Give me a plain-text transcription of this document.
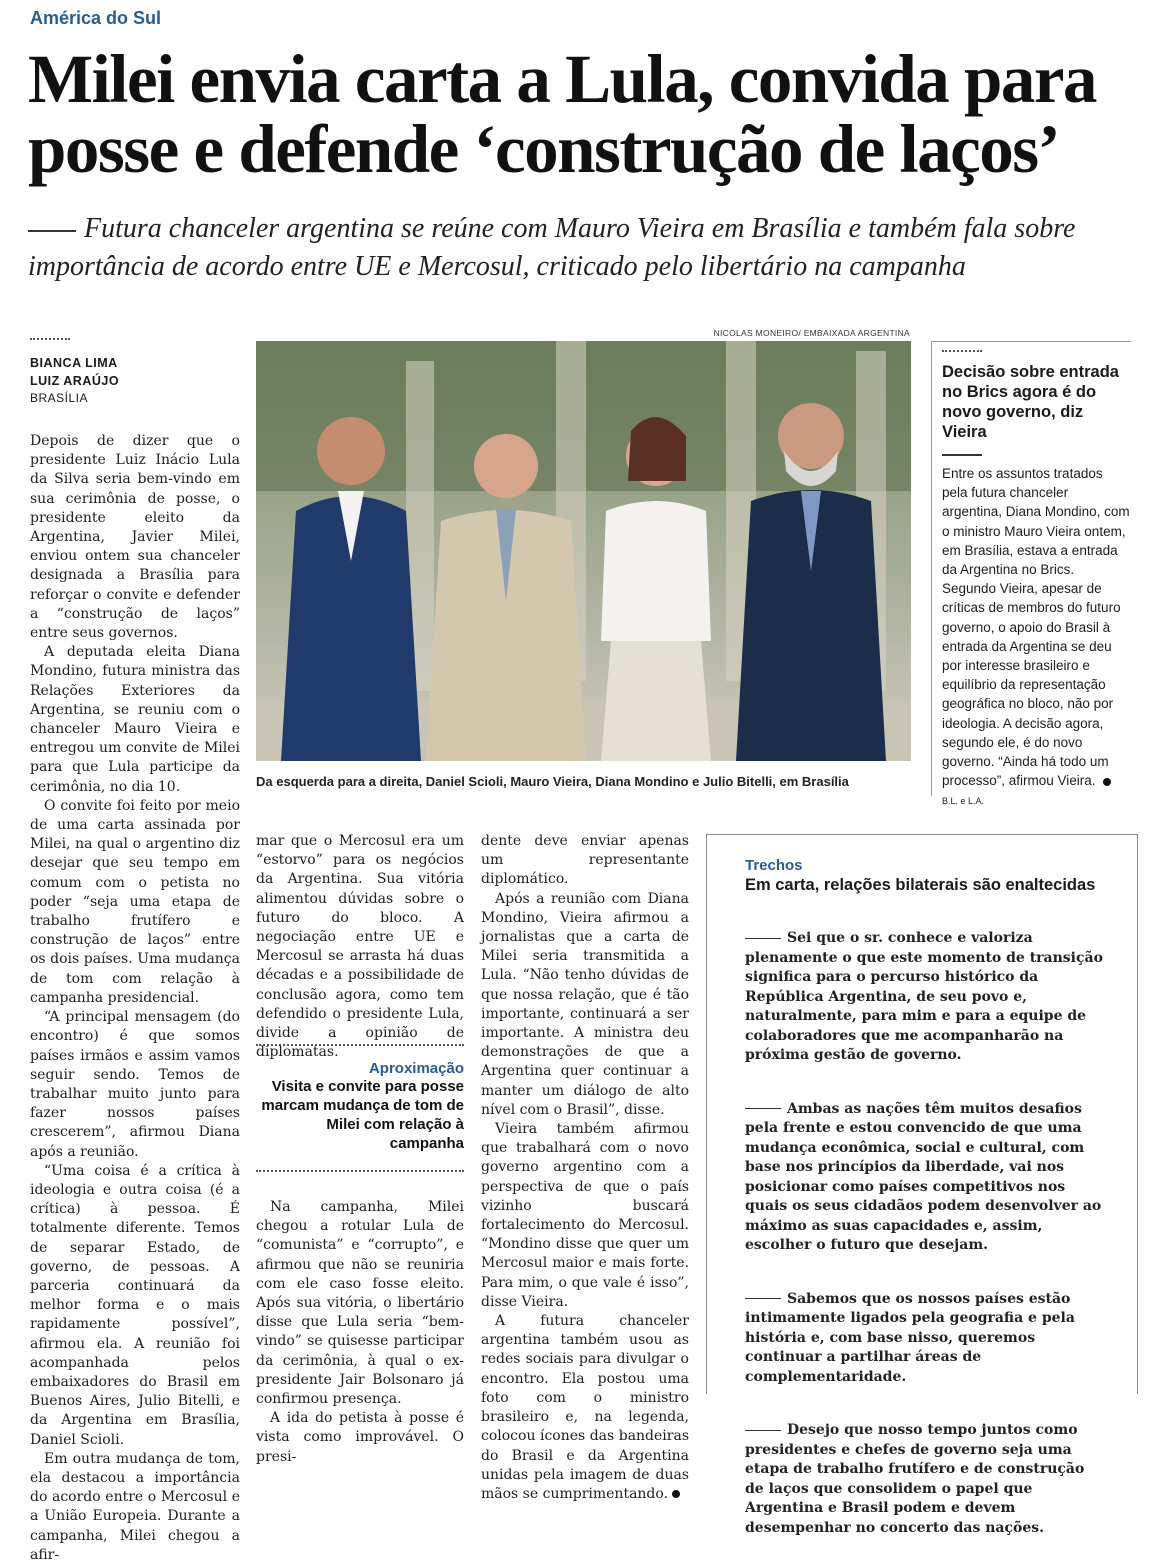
América do Sul
Milei envia carta a Lula, convida para posse e defende ‘construção de laços’
Futura chanceler argentina se reúne com Mauro Vieira em Brasília e também fala sobre importância de acordo entre UE e Mercosul, criticado pelo libertário na campanha
BIANCA LIMA
LUIZ ARAÚJO
BRASÍLIA
NICOLAS MONEIRO/ EMBAIXADA ARGENTINA
Da esquerda para a direita, Daniel Scioli, Mauro Vieira, Diana Mondino e Julio Bitelli, em Brasília

Depois de dizer que o presidente Luiz Inácio Lula da Silva seria bem-vindo em sua cerimônia de posse, o presidente eleito da Argentina, Javier Milei, enviou ontem sua chanceler designada a Brasília para reforçar o convite e defender a “construção de laços” entre seus governos.

A deputada eleita Diana Mondino, futura ministra das Relações Exteriores da Argentina, se reuniu com o chanceler Mauro Vieira e entregou um convite de Milei para que Lula participe da cerimônia, no dia 10.

O convite foi feito por meio de uma carta assinada por Milei, na qual o argentino diz desejar que seu tempo em comum com o petista no poder “seja uma etapa de trabalho frutífero e construção de laços” entre os dois países. Uma mudança de tom com relação à campanha presidencial.

“A principal mensagem (do encontro) é que somos países irmãos e assim vamos seguir sendo. Temos de trabalhar muito junto para fazer nossos países crescerem”, afirmou Diana após a reunião.

“Uma coisa é a crítica à ideologia e outra coisa (é a crítica) à pessoa. É totalmente diferente. Temos de separar Estado, de governo, de pessoas. A parceria continuará da melhor forma e o mais rapidamente possível”, afirmou ela. A reunião foi acompanhada pelos embaixadores do Brasil em Buenos Aires, Julio Bitelli, e da Argentina em Brasília, Daniel Scioli.

Em outra mudança de tom, ela destacou a importância do acordo entre o Mercosul e a União Europeia. Durante a campanha, Milei chegou a afir-

mar que o Mercosul era um “estorvo” para os negócios da Argentina. Sua vitória alimentou dúvidas sobre o futuro do bloco. A negociação entre UE e Mercosul se arrasta há duas décadas e a possibilidade de conclusão agora, como tem defendido o presidente Lula, divide a opinião de diplomatas.

Aproximação
Visita e convite para posse marcam mudança de tom de Milei com relação à campanha

Na campanha, Milei chegou a rotular Lula de “comunista” e “corrupto”, e afirmou que não se reuniria com ele caso fosse eleito. Após sua vitória, o libertário disse que Lula seria “bem-vindo” se quisesse participar da cerimônia, à qual o ex-presidente Jair Bolsonaro já confirmou presença.

A ida do petista à posse é vista como improvável. O presi-

dente deve enviar apenas um representante diplomático.

Após a reunião com Diana Mondino, Vieira afirmou a jornalistas que a carta de Milei seria transmitida a Lula. “Não tenho dúvidas de que nossa relação, que é tão importante, continuará a ser importante. A ministra deu demonstrações de que a Argentina quer continuar a manter um diálogo de alto nível com o Brasil”, disse.

Vieira também afirmou que trabalhará com o novo governo argentino com a perspectiva de que o país vizinho buscará fortalecimento do Mercosul. “Mondino disse que quer um Mercosul maior e mais forte. Para mim, o que vale é isso”, disse Vieira.

A futura chanceler argentina também usou as redes sociais para divulgar o encontro. Ela postou uma foto com o ministro brasileiro e, na legenda, colocou ícones das bandeiras do Brasil e da Argentina unidas pela imagem de duas mãos se cumprimentando.

Decisão sobre entrada no Brics agora é do novo governo, diz Vieira
Entre os assuntos tratados pela futura chanceler argentina, Diana Mondino, com o ministro Mauro Vieira ontem, em Brasília, estava a entrada da Argentina no Brics. Segundo Vieira, apesar de críticas de membros do futuro governo, o apoio do Brasil à entrada da Argentina se deu por interesse brasileiro e equilíbrio da representação geográfica no bloco, não por ideologia. A decisão agora, segundo ele, é do novo governo. “Ainda há todo um processo”, afirmou Vieira.  B.L. e L.A.
Trechos
Em carta, relações bilaterais são enaltecidas
Sei que o sr. conhece e valoriza plenamente o que este momento de transição significa para o percurso histórico da República Argentina, de seu povo e, naturalmente, para mim e para a equipe de colaboradores que me acompanharão na próxima gestão de governo.
Ambas as nações têm muitos desafios pela frente e estou convencido de que uma mudança econômica, social e cultural, com base nos princípios da liberdade, vai nos posicionar como países competitivos nos quais os seus cidadãos podem desenvolver ao máximo as suas capacidades e, assim, escolher o futuro que desejam.
Sabemos que os nossos países estão intimamente ligados pela geografia e pela história e, com base nisso, queremos continuar a partilhar áreas de complementaridade.
Desejo que nosso tempo juntos como presidentes e chefes de governo seja uma etapa de trabalho frutífero e de construção de laços que consolidem o papel que Argentina e Brasil podem e devem desempenhar no concerto das nações.
